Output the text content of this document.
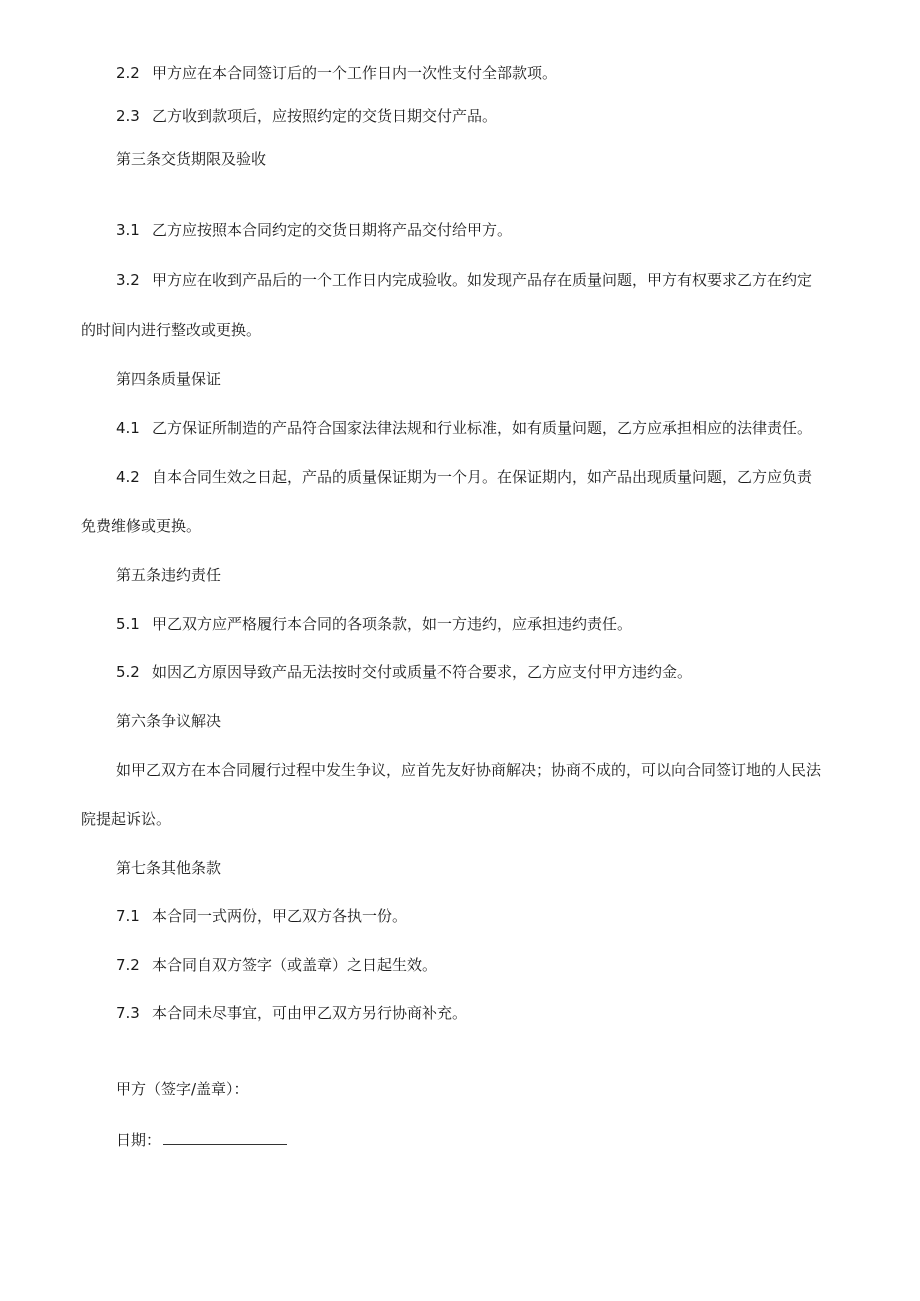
2.2 甲方应在本合同签订后的一个工作日内一次性支付全部款项。
2.3 乙方收到款项后，应按照约定的交货日期交付产品。
第三条交货期限及验收
3.1 乙方应按照本合同约定的交货日期将产品交付给甲方。
3.2 甲方应在收到产品后的一个工作日内完成验收。如发现产品存在质量问题，甲方有权要求乙方在约定
的时间内进行整改或更换。
第四条质量保证
4.1 乙方保证所制造的产品符合国家法律法规和行业标准，如有质量问题，乙方应承担相应的法律责任。
4.2 自本合同生效之日起，产品的质量保证期为一个月。在保证期内，如产品出现质量问题，乙方应负责
免费维修或更换。
第五条违约责任
5.1 甲乙双方应严格履行本合同的各项条款，如一方违约，应承担违约责任。
5.2 如因乙方原因导致产品无法按时交付或质量不符合要求，乙方应支付甲方违约金。
第六条争议解决
如甲乙双方在本合同履行过程中发生争议，应首先友好协商解决；协商不成的，可以向合同签订地的人民法
院提起诉讼。
第七条其他条款
7.1 本合同一式两份，甲乙双方各执一份。
7.2 本合同自双方签字（或盖章）之日起生效。
7.3 本合同未尽事宜，可由甲乙双方另行协商补充。
甲方（签字/盖章）：
日期：
